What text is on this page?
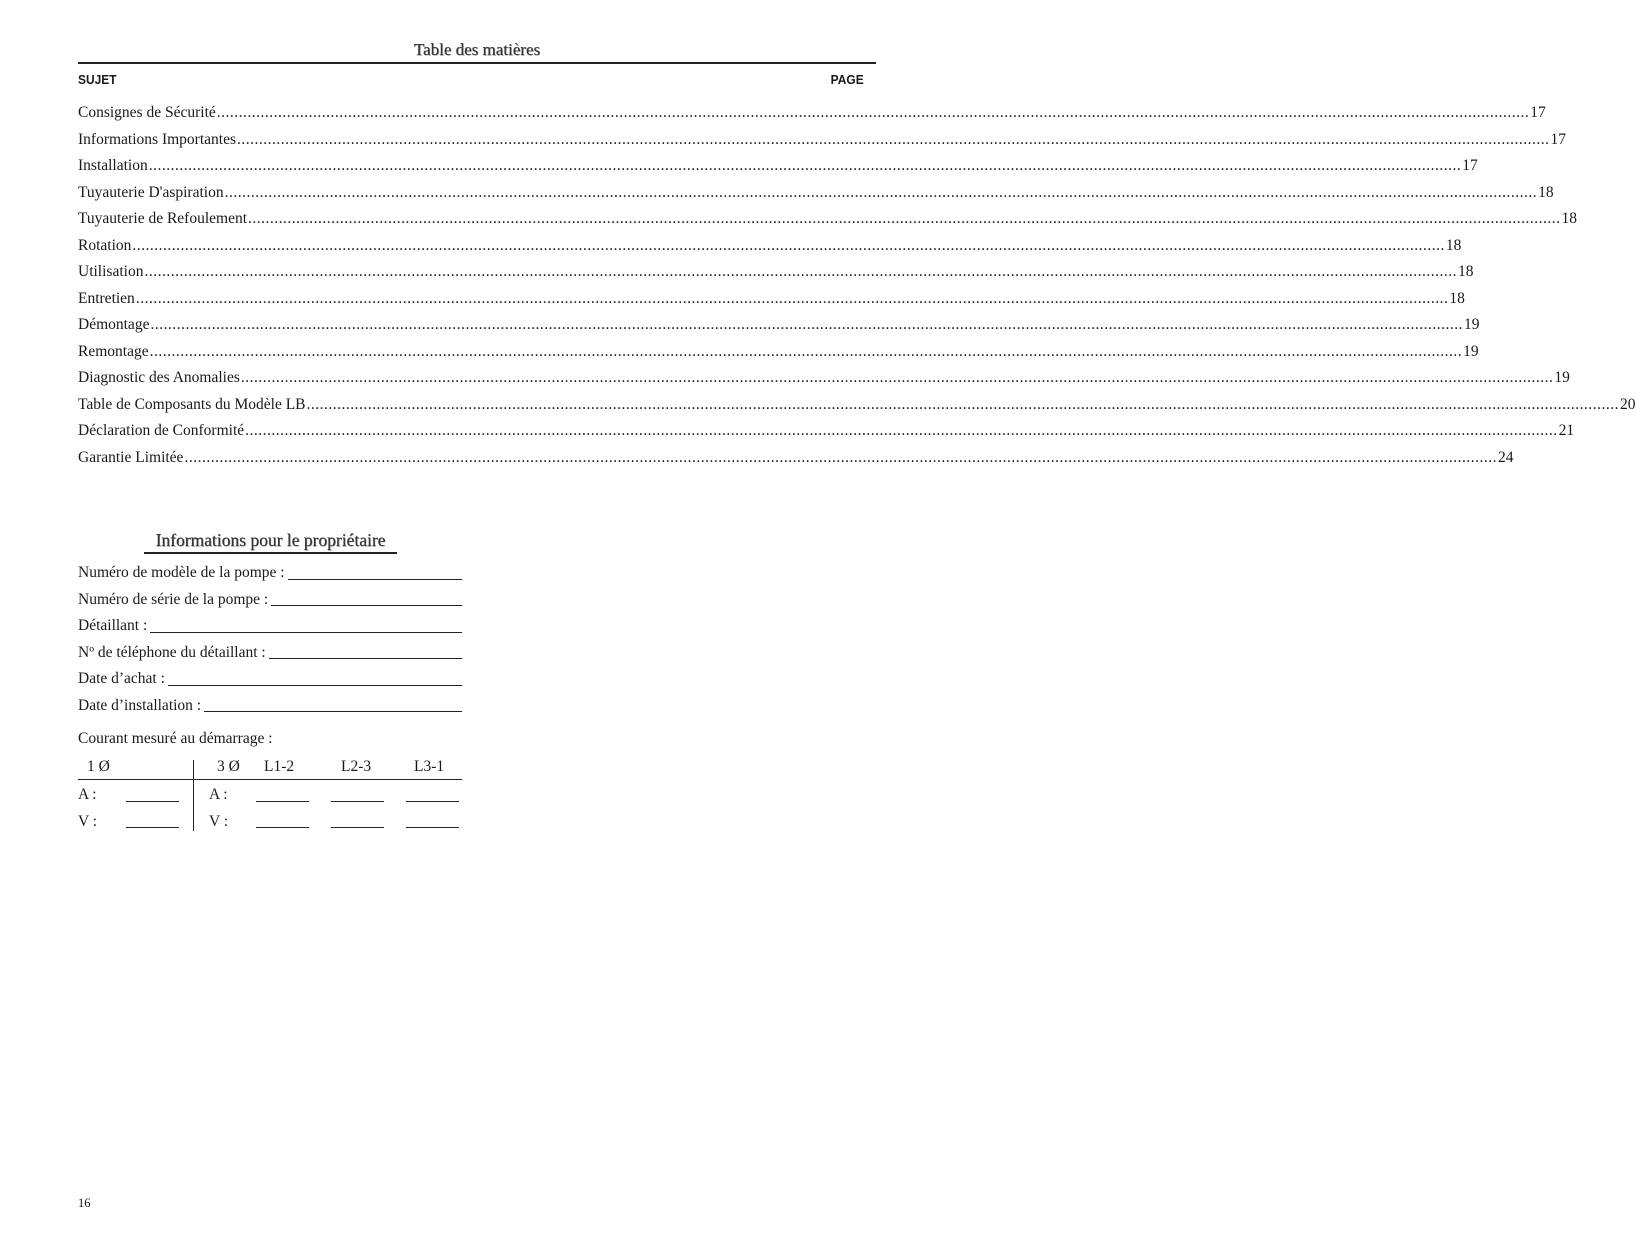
Table des matières
SUJET	PAGE
Consignes de Sécurité ............................................................................................................................................................................................................................................................................................................ 17
Informations Importantes ............................................................................................................................................................................................................................................................................................................ 17
Installation ............................................................................................................................................................................................................................................................................................................ 17
Tuyauterie D'aspiration ............................................................................................................................................................................................................................................................................................................ 18
Tuyauterie de Refoulement ............................................................................................................................................................................................................................................................................................................ 18
Rotation ............................................................................................................................................................................................................................................................................................................ 18
Utilisation ............................................................................................................................................................................................................................................................................................................ 18
Entretien ............................................................................................................................................................................................................................................................................................................ 18
Démontage ............................................................................................................................................................................................................................................................................................................ 19
Remontage ............................................................................................................................................................................................................................................................................................................ 19
Diagnostic des Anomalies ............................................................................................................................................................................................................................................................................................................ 19
Table de Composants du Modèle LB ............................................................................................................................................................................................................................................................................................................ 20
Déclaration de Conformité ............................................................................................................................................................................................................................................................................................................ 21
Garantie Limitée ............................................................................................................................................................................................................................................................................................................ 24
Informations pour le propriétaire
Numéro de modèle de la pompe :
Numéro de série de la pompe :
Détaillant :
Nº de téléphone du détaillant :
Date d’achat :
Date d’installation :
Courant mesuré au démarrage :
1 Ø	3 Ø L1-2	L2-3	L3-1
A :	A :
V :	V :
16
